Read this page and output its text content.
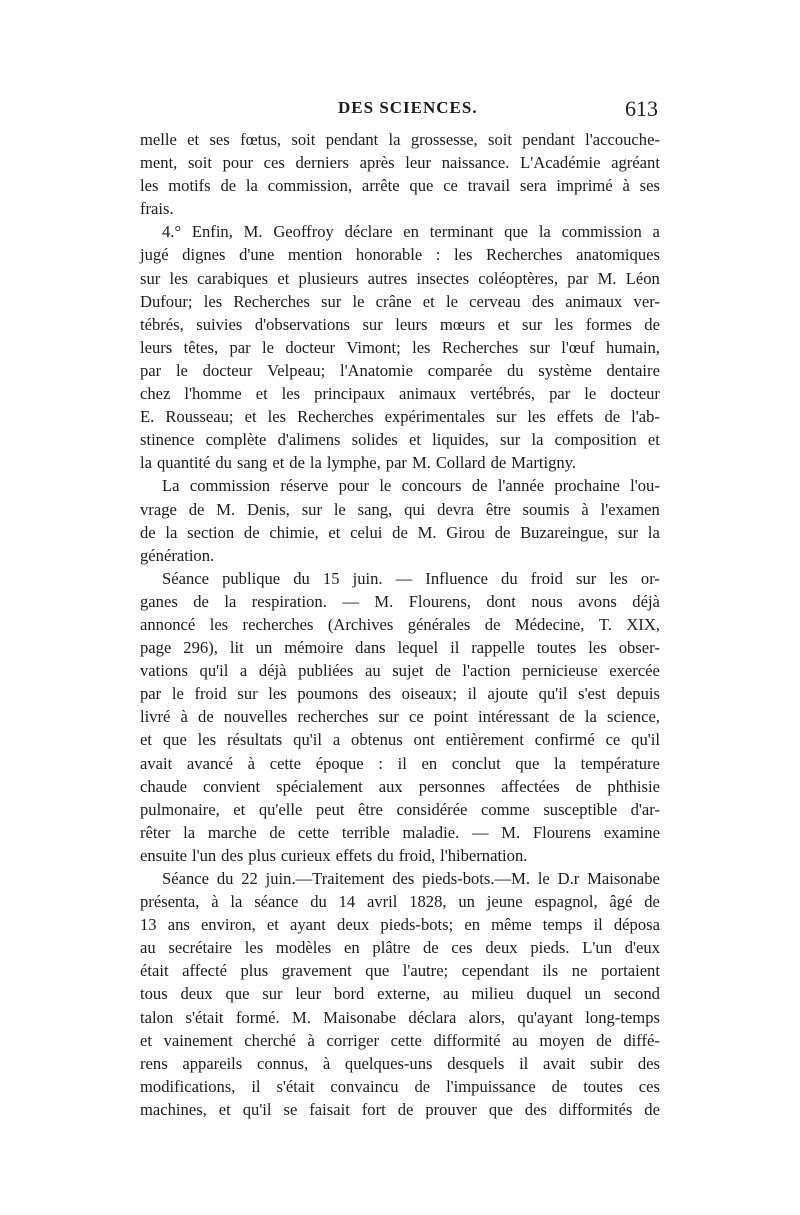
DES SCIENCES.	613
melle et ses fœtus, soit pendant la grossesse, soit pendant l'accouche-
ment, soit pour ces derniers après leur naissance. L'Académie agréant
les motifs de la commission, arrête que ce travail sera imprimé à ses
frais.
4.° Enfin, M. Geoffroy déclare en terminant que la commission a
jugé dignes d'une mention honorable : les Recherches anatomiques
sur les carabiques et plusieurs autres insectes coléoptères, par M. Léon
Dufour; les Recherches sur le crâne et le cerveau des animaux ver-
tébrés, suivies d'observations sur leurs mœurs et sur les formes de
leurs têtes, par le docteur Vimont; les Recherches sur l'œuf humain,
par le docteur Velpeau; l'Anatomie comparée du système dentaire
chez l'homme et les principaux animaux vertébrés, par le docteur
E. Rousseau; et les Recherches expérimentales sur les effets de l'ab-
stinence complète d'alimens solides et liquides, sur la composition et
la quantité du sang et de la lymphe, par M. Collard de Martigny.
La commission réserve pour le concours de l'année prochaine l'ou-
vrage de M. Denis, sur le sang, qui devra être soumis à l'examen
de la section de chimie, et celui de M. Girou de Buzareingue, sur la
génération.
Séance publique du 15 juin. — Influence du froid sur les or-
ganes de la respiration. — M. Flourens, dont nous avons déjà
annoncé les recherches (Archives générales de Médecine, T. XIX,
page 296), lit un mémoire dans lequel il rappelle toutes les obser-
vations qu'il a déjà publiées au sujet de l'action pernicieuse exercée
par le froid sur les poumons des oiseaux; il ajoute qu'il s'est depuis
livré à de nouvelles recherches sur ce point intéressant de la science,
et que les résultats qu'il a obtenus ont entièrement confirmé ce qu'il
avait avancé à cette époque : il en conclut que la température
chaude convient spécialement aux personnes affectées de phthisie
pulmonaire, et qu'elle peut être considérée comme susceptible d'ar-
rêter la marche de cette terrible maladie. — M. Flourens examine
ensuite l'un des plus curieux effets du froid, l'hibernation.
Séance du 22 juin.—Traitement des pieds-bots.—M. le D.r Maisonabe
présenta, à la séance du 14 avril 1828, un jeune espagnol, âgé de
13 ans environ, et ayant deux pieds-bots; en même temps il déposa
au secrétaire les modèles en plâtre de ces deux pieds. L'un d'eux
était affecté plus gravement que l'autre; cependant ils ne portaient
tous deux que sur leur bord externe, au milieu duquel un second
talon s'était formé. M. Maisonabe déclara alors, qu'ayant long-temps
et vainement cherché à corriger cette difformité au moyen de diffé-
rens appareils connus, à quelques-uns desquels il avait subir des
modifications, il s'était convaincu de l'impuissance de toutes ces
machines, et qu'il se faisait fort de prouver que des difformités de
